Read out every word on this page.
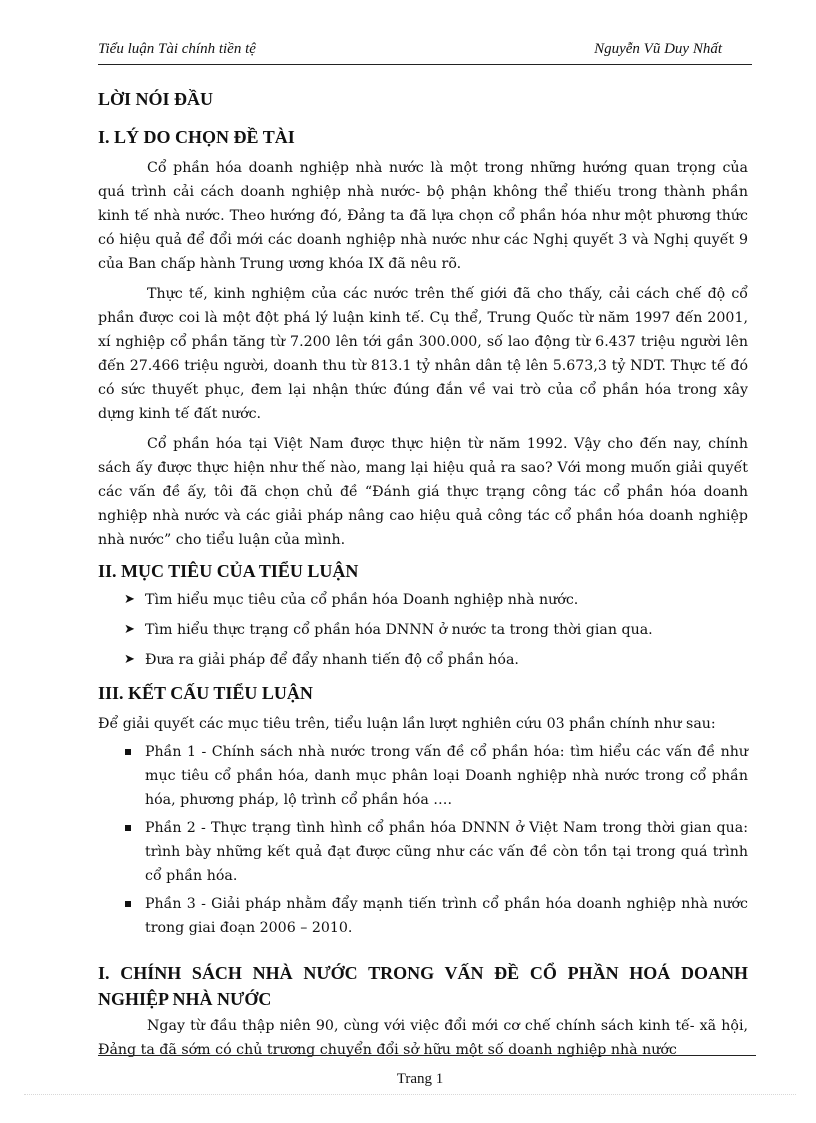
Tiểu luận Tài chính tiền tệ	Nguyễn Vũ Duy Nhất
LỜI NÓI ĐẦU
I. LÝ DO CHỌN ĐỀ TÀI

Cổ phần hóa doanh nghiệp nhà nước là một trong những hướng quan trọng của quá trình cải cách doanh nghiệp nhà nước- bộ phận không thể thiếu trong thành phần kinh tế nhà nước. Theo hướng đó, Đảng ta đã lựa chọn cổ phần hóa như một phương thức có hiệu quả để đổi mới các doanh nghiệp nhà nước như các Nghị quyết 3 và Nghị quyết 9 của Ban chấp hành Trung ương khóa IX đã nêu rõ.

Thực tế, kinh nghiệm của các nước trên thế giới đã cho thấy, cải cách chế độ cổ phần được coi là một đột phá lý luận kinh tế. Cụ thể, Trung Quốc từ năm 1997 đến 2001, xí nghiệp cổ phần tăng từ 7.200 lên tới gần 300.000, số lao động từ 6.437 triệu người lên đến 27.466 triệu người, doanh thu từ 813.1 tỷ nhân dân tệ lên 5.673,3 tỷ NDT. Thực tế đó có sức thuyết phục, đem lại nhận thức đúng đắn về vai trò của cổ phần hóa trong xây dựng kinh tế đất nước.

Cổ phần hóa tại Việt Nam được thực hiện từ năm 1992. Vậy cho đến nay, chính sách ấy được thực hiện như thế nào, mang lại hiệu quả ra sao? Với mong muốn giải quyết các vấn đề ấy, tôi đã chọn chủ đề “Đánh giá thực trạng công tác cổ phần hóa doanh nghiệp nhà nước và các giải pháp nâng cao hiệu quả công tác cổ phần hóa doanh nghiệp nhà nước” cho tiểu luận của mình.

II. MỤC TIÊU CỦA TIỂU LUẬN
➤ Tìm hiểu mục tiêu của cổ phần hóa Doanh nghiệp nhà nước.
➤ Tìm hiểu thực trạng cổ phần hóa DNNN ở nước ta trong thời gian qua.
➤ Đưa ra giải pháp để đẩy nhanh tiến độ cổ phần hóa.
III. KẾT CẤU TIỂU LUẬN

Để giải quyết các mục tiêu trên, tiểu luận lần lượt nghiên cứu 03 phần chính như sau:

Phần 1 - Chính sách nhà nước trong vấn đề cổ phần hóa: tìm hiểu các vấn đề như mục tiêu cổ phần hóa, danh mục phân loại Doanh nghiệp nhà nước trong cổ phần hóa, phương pháp, lộ trình cổ phần hóa ….
Phần 2 - Thực trạng tình hình cổ phần hóa DNNN ở Việt Nam trong thời gian qua: trình bày những kết quả đạt được cũng như các vấn đề còn tồn tại trong quá trình cổ phần hóa.
Phần 3 - Giải pháp nhằm đẩy mạnh tiến trình cổ phần hóa doanh nghiệp nhà nước trong giai đoạn 2006 – 2010.
I. CHÍNH SÁCH NHÀ NƯỚC TRONG VẤN ĐỀ CỔ PHẦN HOÁ DOANH NGHIỆP NHÀ NƯỚC

Ngay từ đầu thập niên 90, cùng với việc đổi mới cơ chế chính sách kinh tế- xã hội, Đảng ta đã sớm có chủ trương chuyển đổi sở hữu một số doanh nghiệp nhà nước

Trang 1
